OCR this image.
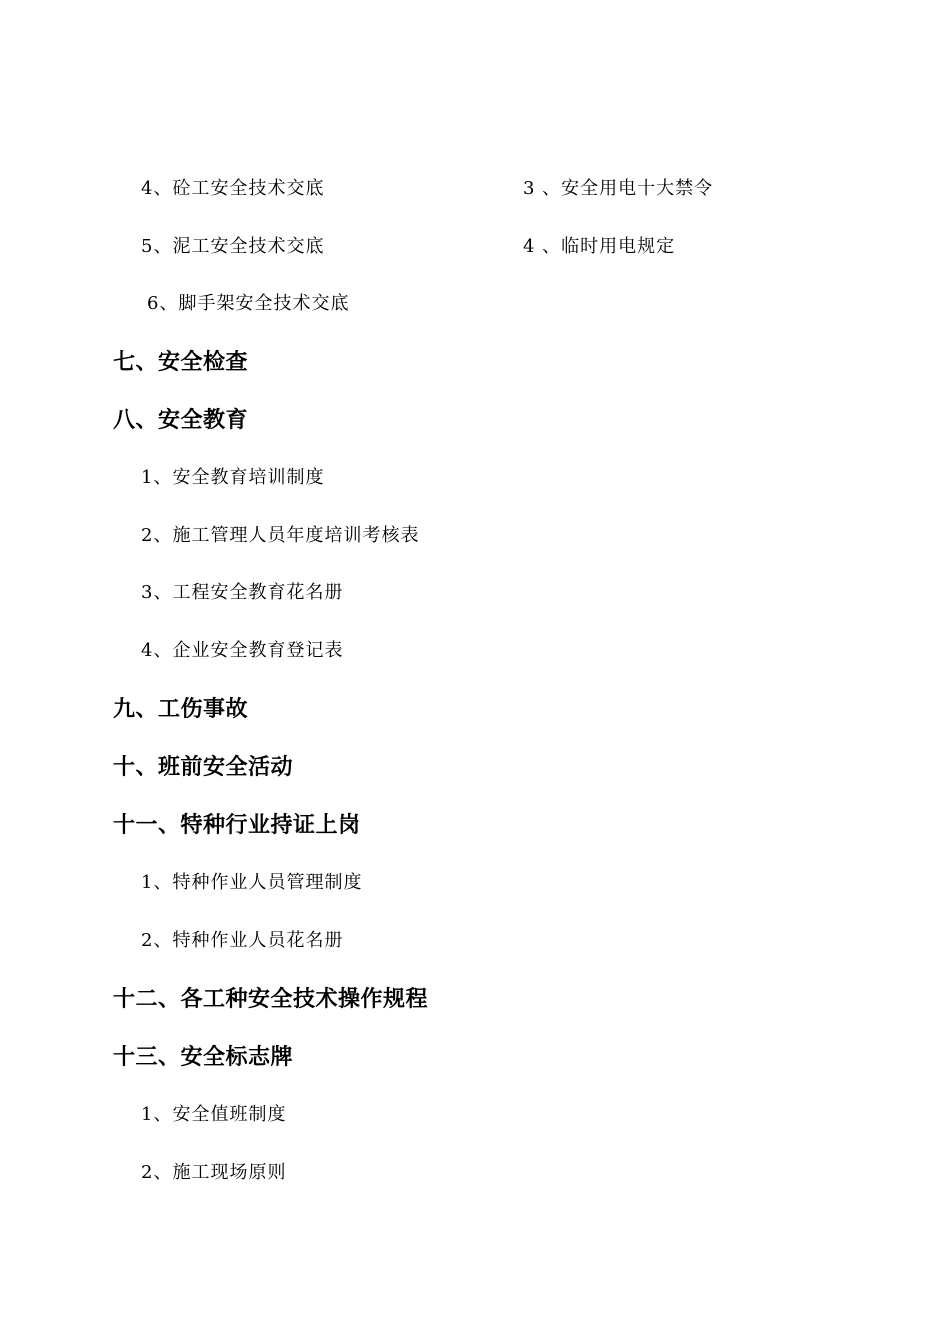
4、砼工安全技术交底	3 、安全用电十大禁令
5、泥工安全技术交底	4 、临时用电规定
6、脚手架安全技术交底
七、安全检查
八、安全教育
1、安全教育培训制度
2、施工管理人员年度培训考核表
3、工程安全教育花名册
4、企业安全教育登记表
九、工伤事故
十、班前安全活动
十一、特种行业持证上岗
1、特种作业人员管理制度
2、特种作业人员花名册
十二、各工种安全技术操作规程
十三、安全标志牌
1、安全值班制度
2、施工现场原则
